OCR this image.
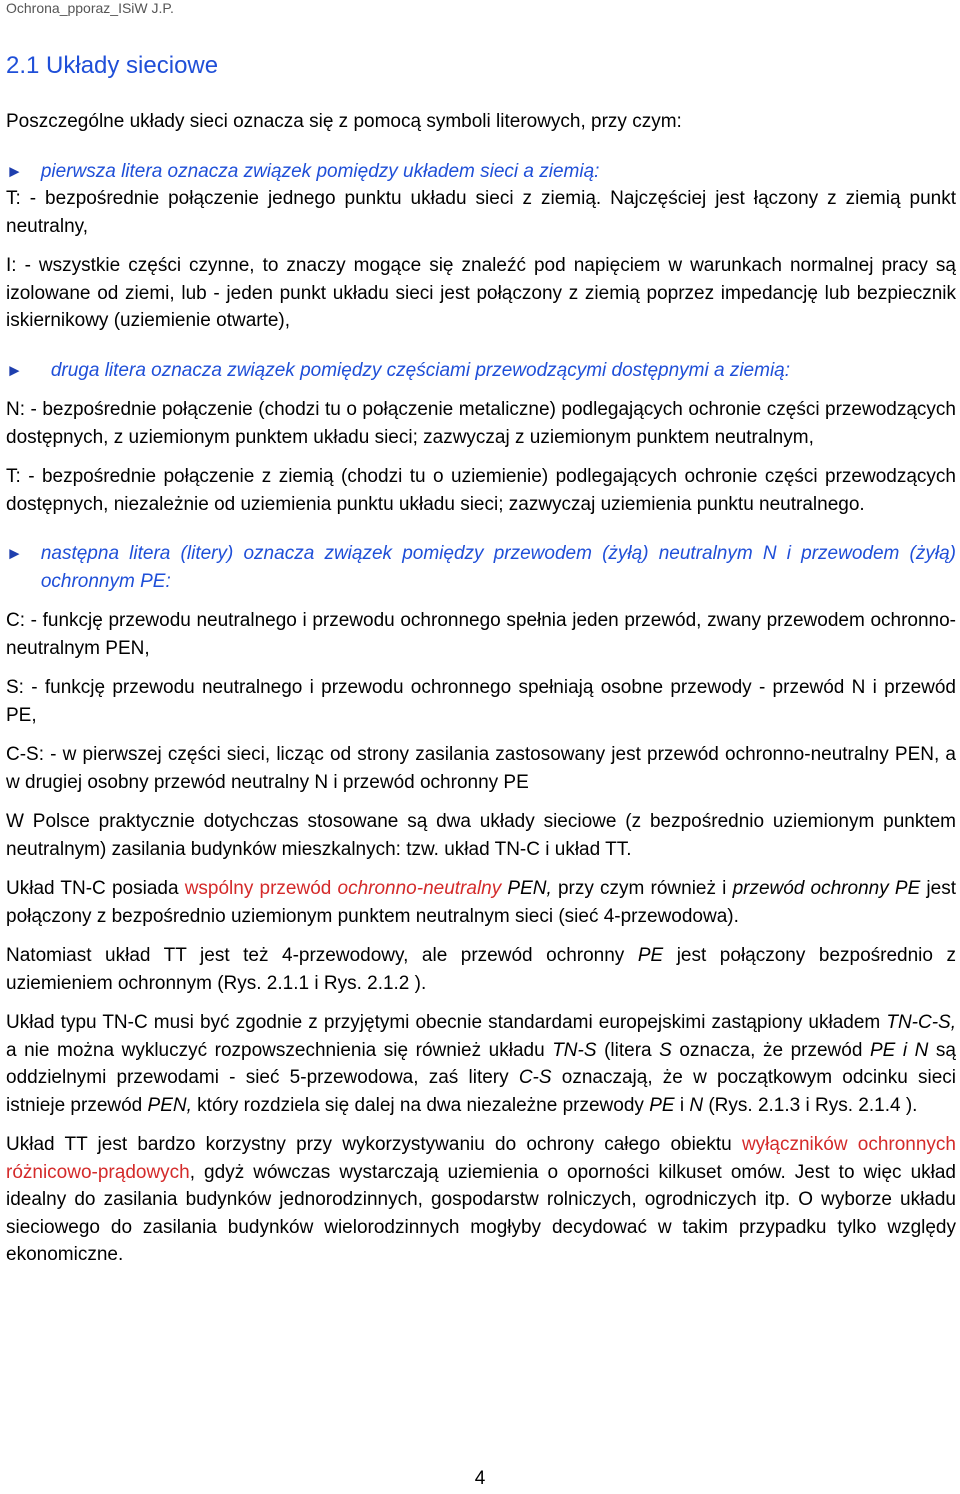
Ochrona_pporaz_ISiW J.P.
2.1 Układy sieciowe

Poszczególne układy sieci oznacza się z pomocą symboli literowych, przy czym:

► pierwsza litera oznacza związek pomiędzy układem sieci a ziemią:

T: - bezpośrednie połączenie jednego punktu układu sieci z ziemią. Najczęściej jest łączony z ziemią punkt neutralny,

I: - wszystkie części czynne, to znaczy mogące się znaleźć pod napięciem w warunkach normalnej pracy są izolowane od ziemi, lub - jeden punkt układu sieci jest połączony z ziemią poprzez impedancję lub bezpiecznik iskiernikowy (uziemienie otwarte),

► druga litera oznacza związek pomiędzy częściami przewodzącymi dostępnymi a ziemią:

N: - bezpośrednie połączenie (chodzi tu o połączenie metaliczne) podlegających ochronie części przewodzących dostępnych, z uziemionym punktem układu sieci; zazwyczaj z uziemionym punktem neutralnym,

T: - bezpośrednie połączenie z ziemią (chodzi tu o uziemienie) podlegających ochronie części przewodzących dostępnych, niezależnie od uziemienia punktu układu sieci; zazwyczaj uziemienia punktu neutralnego.

► następna litera (litery) oznacza związek pomiędzy przewodem (żyłą) neutralnym N i przewodem (żyłą) ochronnym PE:

C: - funkcję przewodu neutralnego i przewodu ochronnego spełnia jeden przewód, zwany przewodem ochronno-neutralnym PEN,

S: - funkcję przewodu neutralnego i przewodu ochronnego spełniają osobne przewody - przewód N i przewód PE,

C-S: - w pierwszej części sieci, licząc od strony zasilania zastosowany jest przewód ochronno-neutralny PEN, a w drugiej osobny przewód neutralny N i przewód ochronny PE

W Polsce praktycznie dotychczas stosowane są dwa układy sieciowe (z bezpośrednio uziemionym punktem neutralnym) zasilania budynków mieszkalnych: tzw. układ TN-C i układ TT.

Układ TN-C posiada wspólny przewód ochronno-neutralny PEN, przy czym również i przewód ochronny PE jest połączony z bezpośrednio uziemionym punktem neutralnym sieci (sieć 4-przewodowa).

Natomiast układ TT jest też 4-przewodowy, ale przewód ochronny PE jest połączony bezpośrednio z uziemieniem ochronnym (Rys. 2.1.1 i Rys. 2.1.2 ).

Układ typu TN-C musi być zgodnie z przyjętymi obecnie standardami europejskimi zastąpiony układem TN-C-S, a nie można wykluczyć rozpowszechnienia się również układu TN-S (litera S oznacza, że przewód PE i N są oddzielnymi przewodami - sieć 5-przewodowa, zaś litery C-S oznaczają, że w początkowym odcinku sieci istnieje przewód PEN, który rozdziela się dalej na dwa niezależne przewody PE i N (Rys. 2.1.3 i Rys. 2.1.4 ).

Układ TT jest bardzo korzystny przy wykorzystywaniu do ochrony całego obiektu wyłączników ochronnych różnicowo-prądowych, gdyż wówczas wystarczają uziemienia o oporności kilkuset omów. Jest to więc układ idealny do zasilania budynków jednorodzinnych, gospodarstw rolniczych, ogrodniczych itp. O wyborze układu sieciowego do zasilania budynków wielorodzinnych mogłyby decydować w takim przypadku tylko względy ekonomiczne.

4
